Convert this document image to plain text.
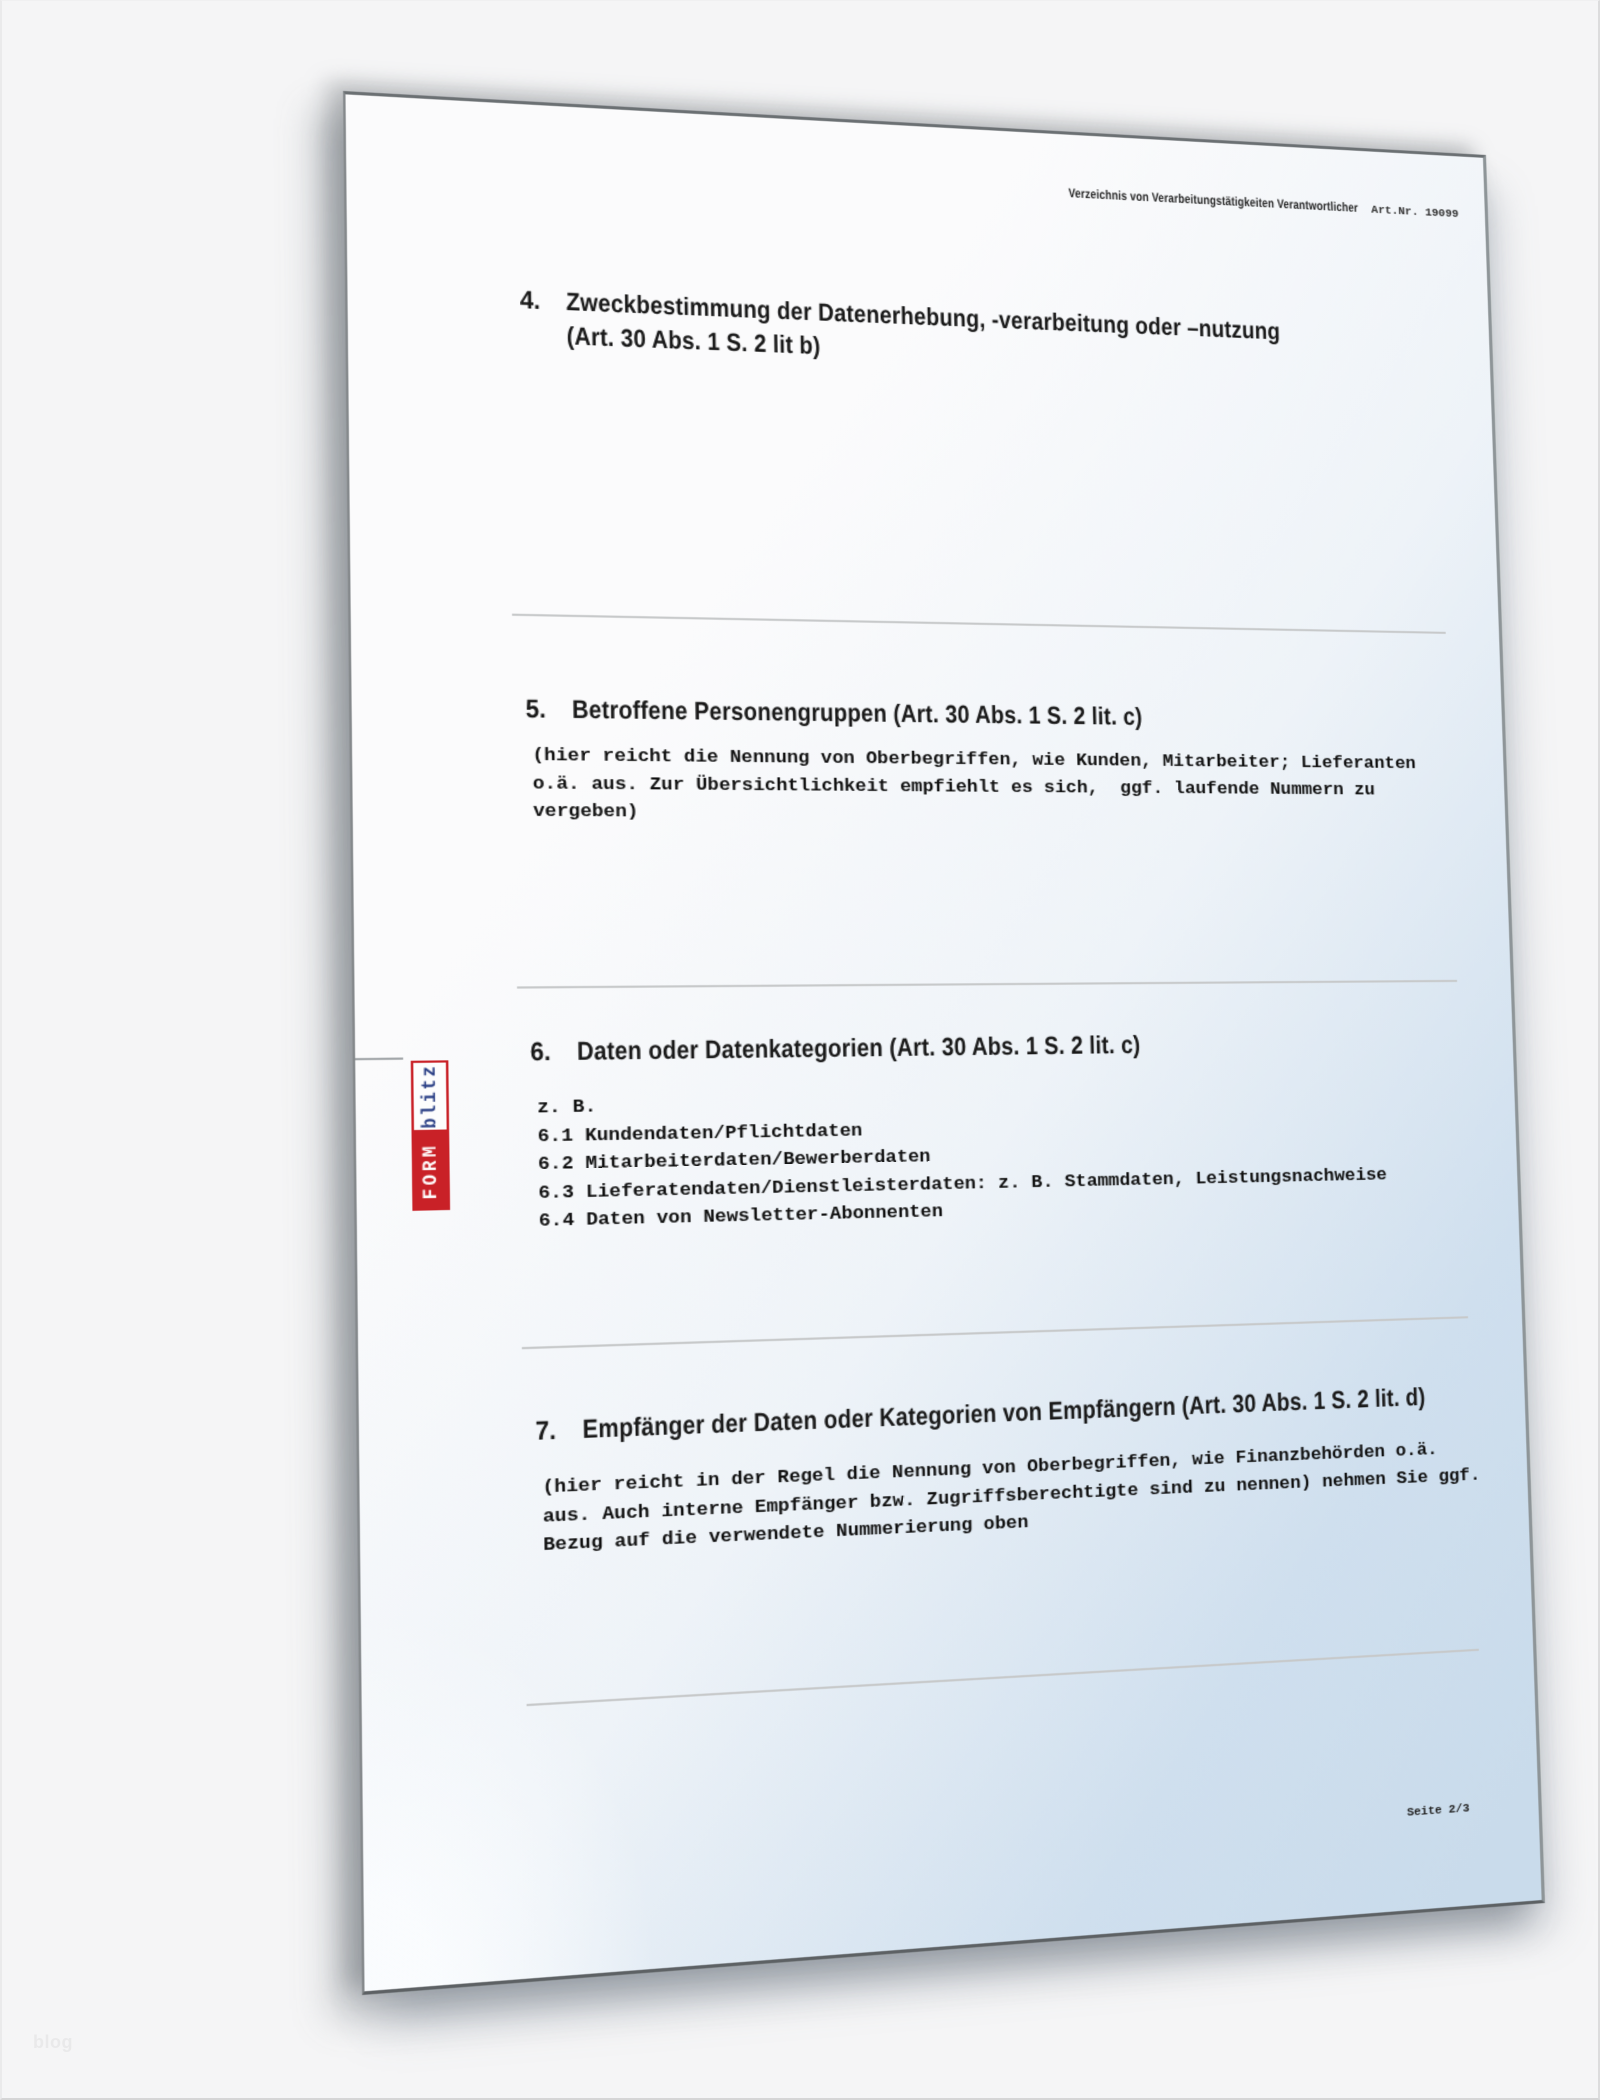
blog
Verzeichnis von Verarbeitungstätigkeiten Verantwortlicher Art.Nr. 19099
4. Zweckbestimmung der Datenerhebung, -verarbeitung oder –nutzung
(Art. 30 Abs. 1 S. 2 lit b)
5. Betroffene Personengruppen (Art. 30 Abs. 1 S. 2 lit. c)
(hier reicht die Nennung von Oberbegriffen, wie Kunden, Mitarbeiter; Lieferanten
o.ä. aus. Zur Übersichtlichkeit empfiehlt es sich,  ggf. laufende Nummern zu
vergeben)
FORM
blitz
6. Daten oder Datenkategorien (Art. 30 Abs. 1 S. 2 lit. c)
z. B.
6.1 Kundendaten/Pflichtdaten
6.2 Mitarbeiterdaten/Bewerberdaten
6.3 Lieferatendaten/Dienstleisterdaten: z. B. Stammdaten, Leistungsnachweise
6.4 Daten von Newsletter-Abonnenten
7. Empfänger der Daten oder Kategorien von Empfängern (Art. 30 Abs. 1 S. 2 lit. d)
(hier reicht in der Regel die Nennung von Oberbegriffen, wie Finanzbehörden o.ä.
aus. Auch interne Empfänger bzw. Zugriffsberechtigte sind zu nennen) nehmen Sie ggf.
Bezug auf die verwendete Nummerierung oben
Seite 2/3
